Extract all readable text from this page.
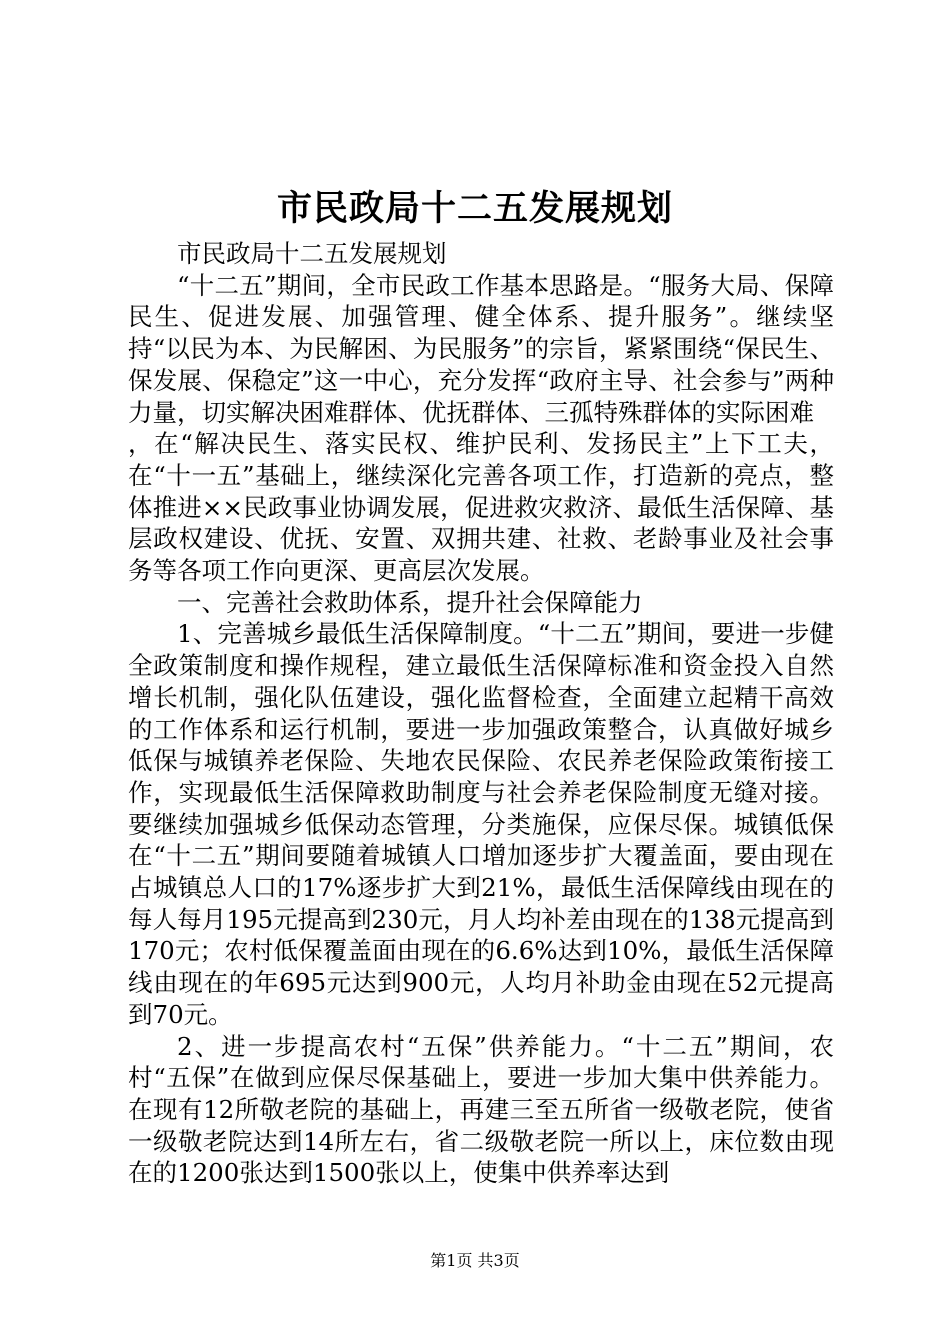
市民政局十二五发展规划

市民政局十二五发展规划

“十二五”期间，全市民政工作基本思路是。“服务大局、保障民生、促进发展、加强管理、健全体系、提升服务”。继续坚持“以民为本、为民解困、为民服务”的宗旨，紧紧围绕“保民生、保发展、保稳定”这一中心，充分发挥“政府主导、社会参与”两种力量，切实解决困难群体、优抚群体、三孤特殊群体的实际困难

，在“解决民生、落实民权、维护民利、发扬民主”上下工夫，在“十一五”基础上，继续深化完善各项工作，打造新的亮点，整体推进××民政事业协调发展，促进救灾救济、最低生活保障、基层政权建设、优抚、安置、双拥共建、社救、老龄事业及社会事务等各项工作向更深、更高层次发展。

一、完善社会救助体系，提升社会保障能力

1、完善城乡最低生活保障制度。“十二五”期间，要进一步健全政策制度和操作规程，建立最低生活保障标准和资金投入自然增长机制，强化队伍建设，强化监督检查，全面建立起精干高效的工作体系和运行机制，要进一步加强政策整合，认真做好城乡低保与城镇养老保险、失地农民保险、农民养老保险政策衔接工作，实现最低生活保障救助制度与社会养老保险制度无缝对接。要继续加强城乡低保动态管理，分类施保，应保尽保。城镇低保在“十二五”期间要随着城镇人口增加逐步扩大覆盖面，要由现在占城镇总人口的17%逐步扩大到21%，最低生活保障线由现在的每人每月195元提高到230元，月人均补差由现在的138元提高到170元；农村低保覆盖面由现在的6.6%达到10%，最低生活保障线由现在的年695元达到900元，人均月补助金由现在52元提高到70元。

2、进一步提高农村“五保”供养能力。“十二五”期间，农村“五保”在做到应保尽保基础上，要进一步加大集中供养能力。在现有12所敬老院的基础上，再建三至五所省一级敬老院，使省一级敬老院达到14所左右，省二级敬老院一所以上，床位数由现在的1200张达到1500张以上，使集中供养率达到

第1页 共3页
